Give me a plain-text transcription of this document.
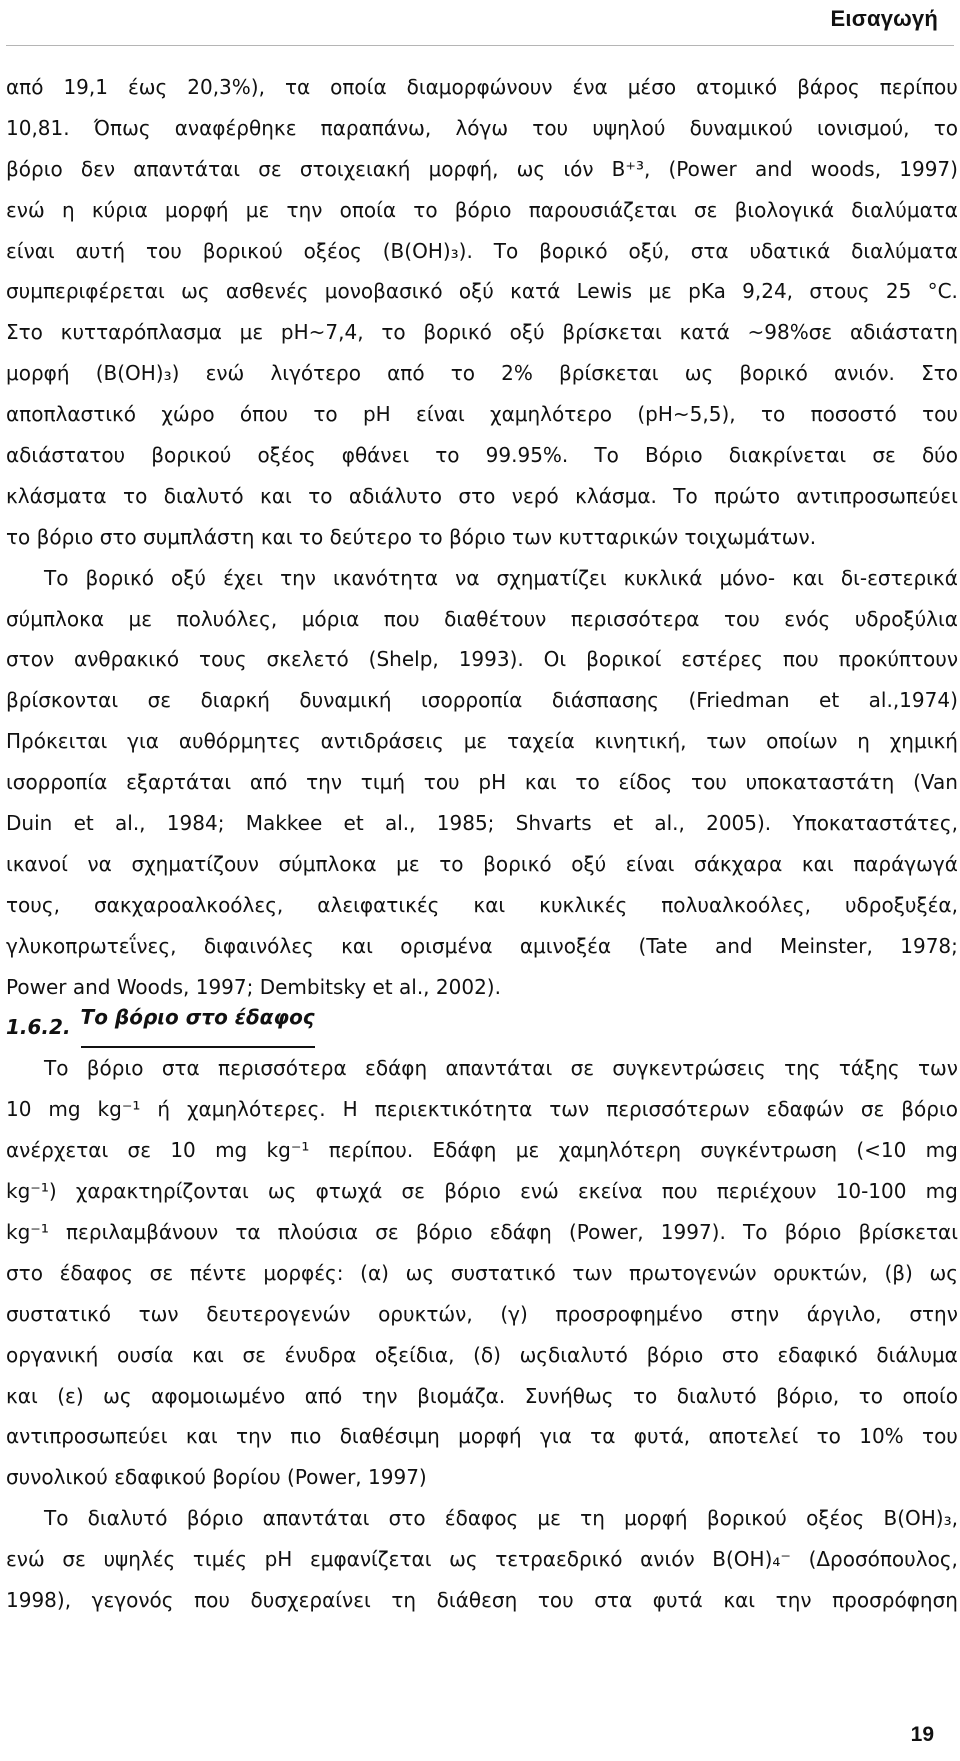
Εισαγωγή
από 19,1 έως 20,3%), τα οποία διαμορφώνουν ένα μέσο ατομικό βάρος περίπου
10,81. Όπως αναφέρθηκε παραπάνω, λόγω του υψηλού δυναμικού ιονισμού, το
βόριο δεν απαντάται σε στοιχειακή μορφή, ως ιόν B⁺³, (Power and woods, 1997)
ενώ η κύρια μορφή με την οποία το βόριο παρουσιάζεται σε βιολογικά διαλύματα
είναι αυτή του βορικού οξέος (B(OH)₃). Το βορικό οξύ, στα υδατικά διαλύματα
συμπεριφέρεται ως ασθενές μονοβασικό οξύ κατά Lewis με pKa 9,24, στους 25 °C.
Στο κυτταρόπλασμα με pH~7,4, το βορικό οξύ βρίσκεται κατά ~98%σε αδιάστατη
μορφή (B(OH)₃) ενώ λιγότερο από το 2% βρίσκεται ως βορικό ανιόν. Στο
αποπλαστικό χώρο όπου το pH είναι χαμηλότερο (pH~5,5), το ποσοστό του
αδιάστατου βορικού οξέος φθάνει το 99.95%. Το Βόριο διακρίνεται σε δύο
κλάσματα το διαλυτό και το αδιάλυτο στο νερό κλάσμα. Το πρώτο αντιπροσωπεύει
το βόριο στο συμπλάστη και το δεύτερο το βόριο των κυτταρικών τοιχωμάτων.
Το βορικό οξύ έχει την ικανότητα να σχηματίζει κυκλικά μόνο- και δι-εστερικά
σύμπλοκα με πολυόλες, μόρια που διαθέτουν περισσότερα του ενός υδροξύλια
στον ανθρακικό τους σκελετό (Shelp, 1993). Οι βορικοί εστέρες που προκύπτουν
βρίσκονται σε διαρκή δυναμική ισορροπία διάσπασης (Friedman et al.,1974)
Πρόκειται για αυθόρμητες αντιδράσεις με ταχεία κινητική, των οποίων η χημική
ισορροπία εξαρτάται από την τιμή του pH και το είδος του υποκαταστάτη (Van
Duin et al., 1984; Makkee et al., 1985; Shvarts et al., 2005). Υποκαταστάτες,
ικανοί να σχηματίζουν σύμπλοκα με το βορικό οξύ είναι σάκχαρα και παράγωγά
τους, σακχαροαλκοόλες, αλειφατικές και κυκλικές πολυαλκοόλες, υδροξυξέα,
γλυκοπρωτεΐνες, διφαινόλες και ορισμένα αμινοξέα (Tate and Meinster, 1978;
Power and Woods, 1997; Dembitsky et al., 2002).
1.6.2. Το βόριο στο έδαφος
Το βόριο στα περισσότερα εδάφη απαντάται σε συγκεντρώσεις της τάξης των
10 mg kg⁻¹ ή χαμηλότερες. Η περιεκτικότητα των περισσότερων εδαφών σε βόριο
ανέρχεται σε 10 mg kg⁻¹ περίπου. Εδάφη με χαμηλότερη συγκέντρωση (<10 mg
kg⁻¹) χαρακτηρίζονται ως φτωχά σε βόριο ενώ εκείνα που περιέχουν 10-100 mg
kg⁻¹ περιλαμβάνουν τα πλούσια σε βόριο εδάφη (Power, 1997). Το βόριο βρίσκεται
στο έδαφος σε πέντε μορφές: (α) ως συστατικό των πρωτογενών ορυκτών, (β) ως
συστατικό των δευτερογενών ορυκτών, (γ) προσροφημένο στην άργιλο, στην
οργανική ουσία και σε ένυδρα οξείδια, (δ) ωςδιαλυτό βόριο στο εδαφικό διάλυμα
και (ε) ως αφομοιωμένο από την βιομάζα. Συνήθως το διαλυτό βόριο, το οποίο
αντιπροσωπεύει και την πιο διαθέσιμη μορφή για τα φυτά, αποτελεί το 10% του
συνολικού εδαφικού βορίου (Power, 1997)
Το διαλυτό βόριο απαντάται στο έδαφος με τη μορφή βορικού οξέος B(OH)₃,
ενώ σε υψηλές τιμές pH εμφανίζεται ως τετραεδρικό ανιόν B(OH)₄⁻ (Δροσόπουλος,
1998), γεγονός που δυσχεραίνει τη διάθεση του στα φυτά και την προσρόφηση
19
